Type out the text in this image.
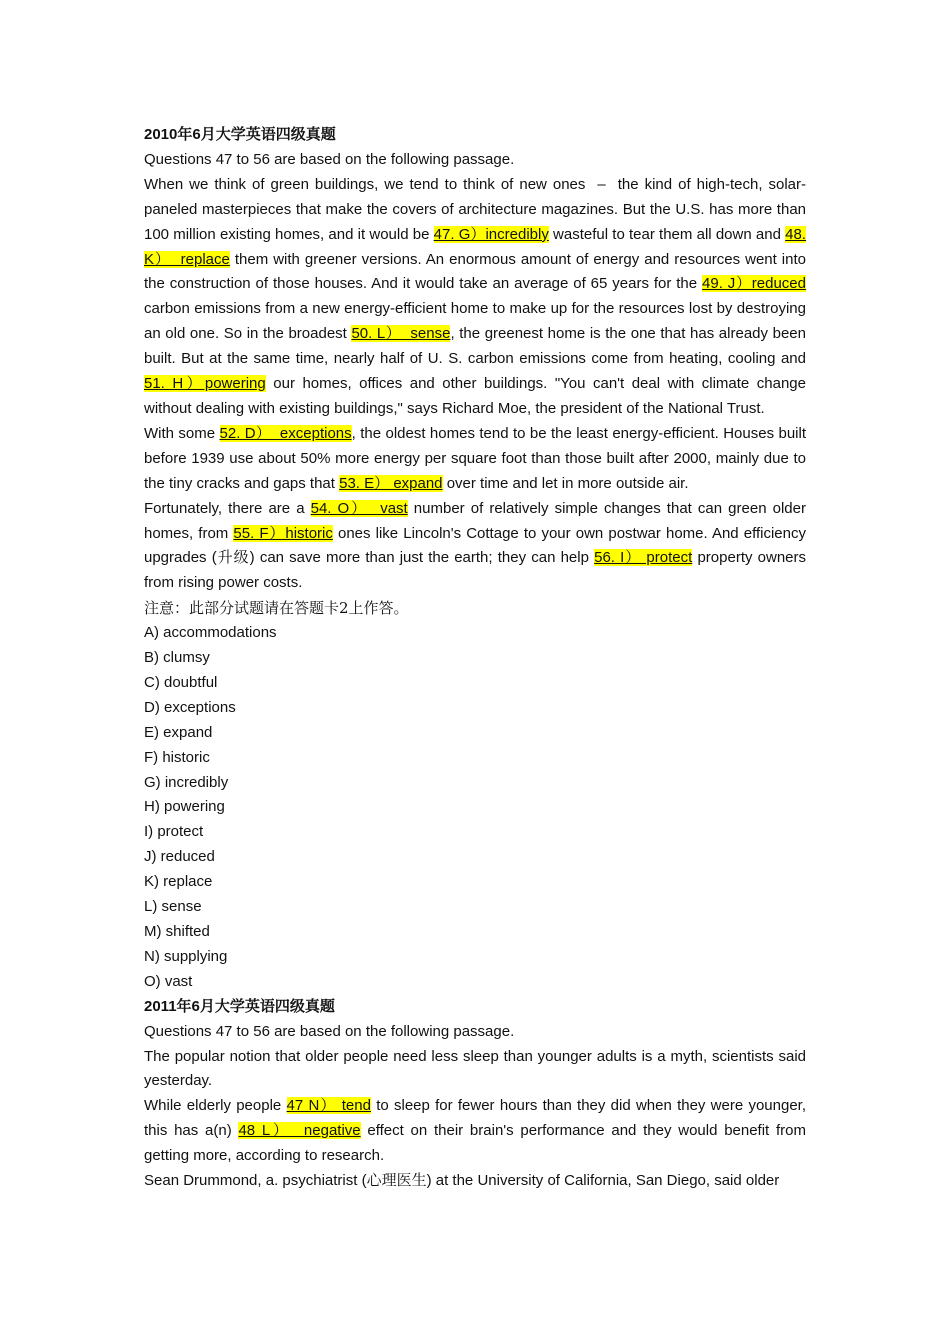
2010年6月大学英语四级真题
Questions 47 to 56 are based on the following passage.
When we think of green buildings, we tend to think of new ones  –  the kind of high-tech, solar-paneled masterpieces that make the covers of architecture magazines. But the U.S. has more than 100 million existing homes, and it would be 47. G）incredibly wasteful to tear them all down and 48. K）  replace them with greener versions. An enormous amount of energy and resources went into the construction of those houses. And it would take an average of 65 years for the 49. J）reduced carbon emissions from a new energy-efficient home to make up for the resources lost by destroying an old one. So in the broadest 50. L）  sense, the greenest home is the one that has already been built. But at the same time, nearly half of U. S. carbon emissions come from heating, cooling and 51. H）powering our homes, offices and other buildings. "You can't deal with climate change without dealing with existing buildings," says Richard Moe, the president of the National Trust.
With some 52. D）  exceptions, the oldest homes tend to be the least energy-efficient. Houses built before 1939 use about 50% more energy per square foot than those built after 2000, mainly due to the tiny cracks and gaps that 53. E） expand over time and let in more outside air.
Fortunately, there are a 54. O）  vast number of relatively simple changes that can green older homes, from 55. F）historic ones like Lincoln's Cottage to your own postwar home. And efficiency upgrades (升级) can save more than just the earth; they can help 56. I） protect property owners from rising power costs.
注意：此部分试题请在答题卡2上作答。
A) accommodations
B) clumsy
C) doubtful
D) exceptions
E) expand
F) historic
G) incredibly
H) powering
I) protect
J) reduced
K) replace
L) sense
M) shifted
N) supplying
O) vast
2011年6月大学英语四级真题
Questions 47 to 56 are based on the following passage.
The popular notion that older people need less sleep than younger adults is a myth, scientists said yesterday.
While elderly people 47 N） tend to sleep for fewer hours than they did when they were younger, this has a(n) 48 L）  negative effect on their brain's performance and they would benefit from getting more, according to research.
Sean Drummond, a. psychiatrist (心理医生) at the University of California, San Diego, said older
